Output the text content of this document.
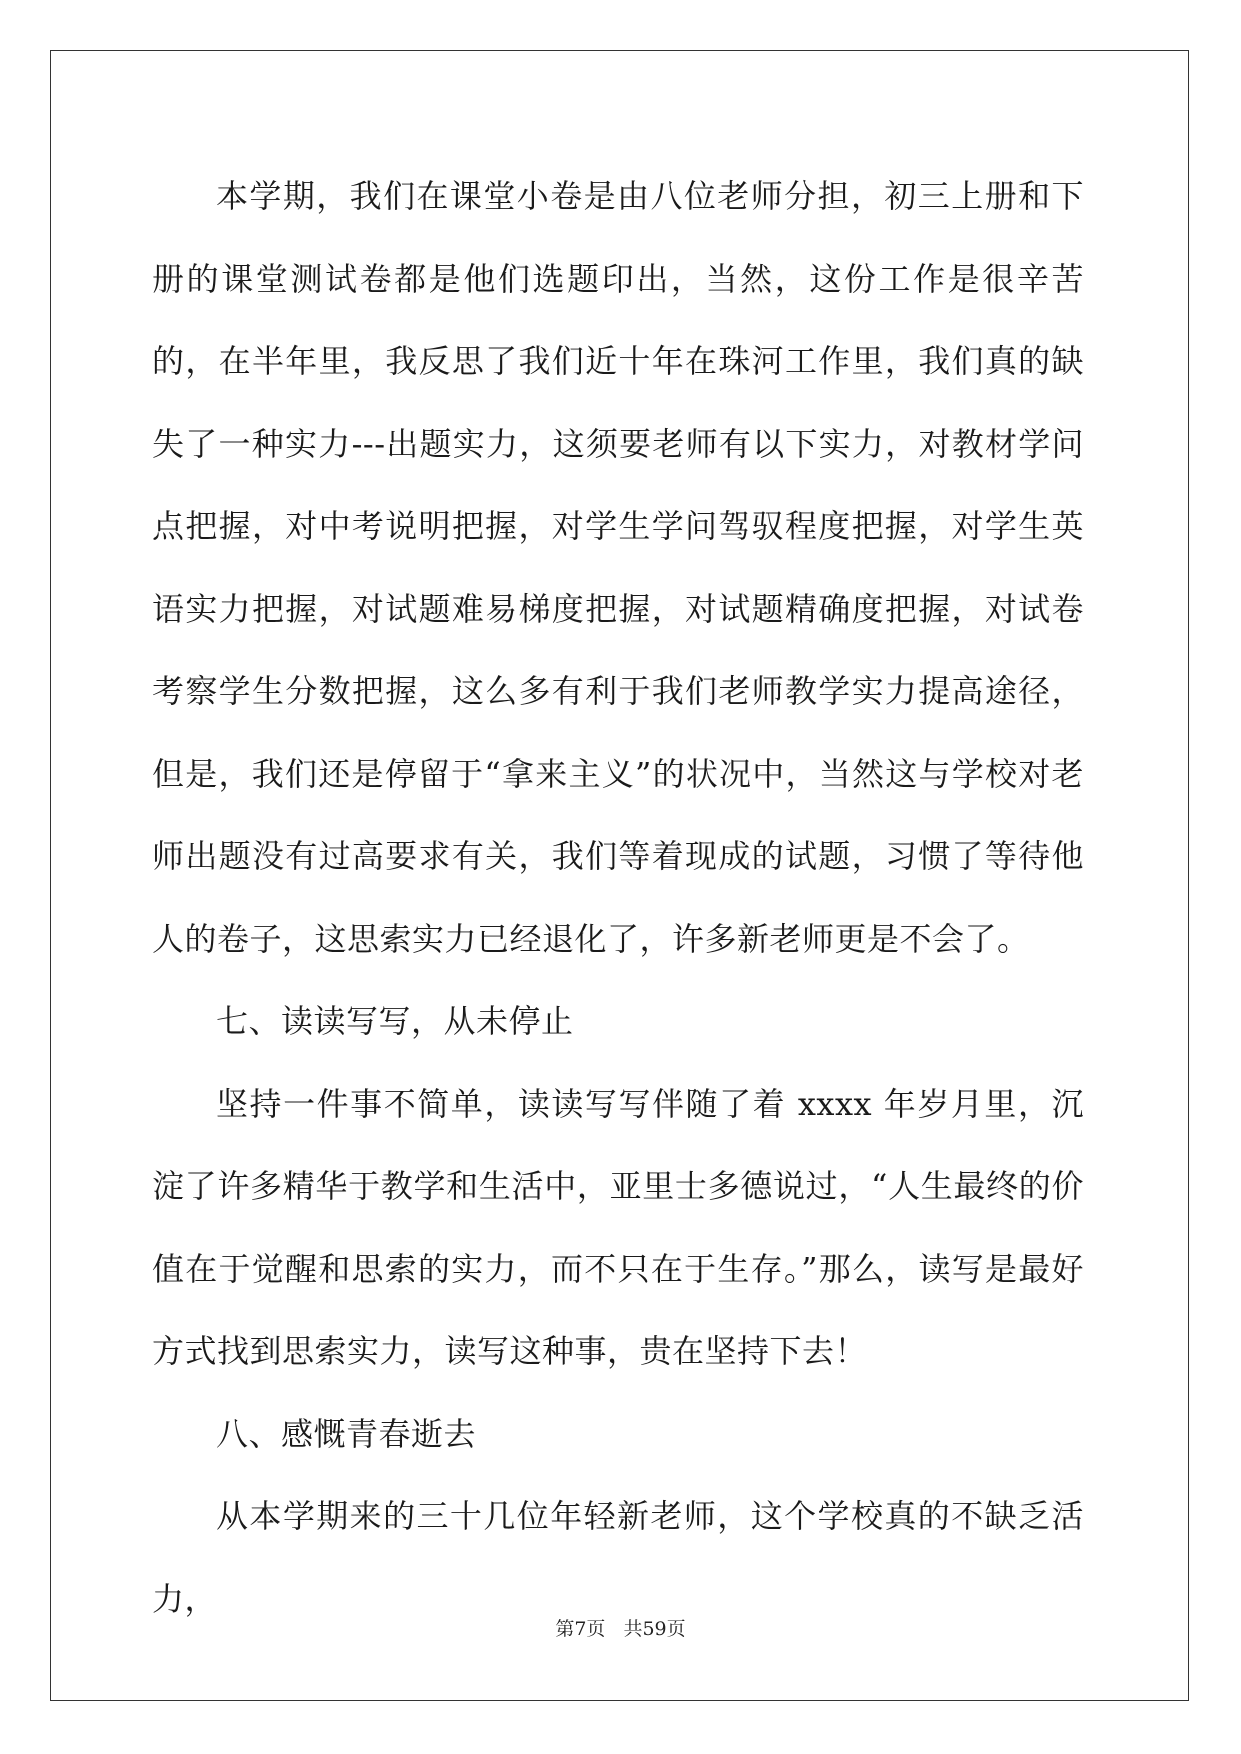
本学期，我们在课堂小卷是由八位老师分担，初三上册和下册的课堂测试卷都是他们选题印出，当然，这份工作是很辛苦的，在半年里，我反思了我们近十年在珠河工作里，我们真的缺失了一种实力---出题实力，这须要老师有以下实力，对教材学问点把握，对中考说明把握，对学生学问驾驭程度把握，对学生英语实力把握，对试题难易梯度把握，对试题精确度把握，对试卷考察学生分数把握，这么多有利于我们老师教学实力提高途径，但是，我们还是停留于“拿来主义”的状况中，当然这与学校对老师出题没有过高要求有关，我们等着现成的试题，习惯了等待他人的卷子，这思索实力已经退化了，许多新老师更是不会了。

七、读读写写，从未停止

坚持一件事不简单，读读写写伴随了着 xxxx 年岁月里，沉淀了许多精华于教学和生活中，亚里士多德说过，“人生最终的价值在于觉醒和思索的实力，而不只在于生存。”那么，读写是最好方式找到思索实力，读写这种事，贵在坚持下去！

八、感慨青春逝去

从本学期来的三十几位年轻新老师，这个学校真的不缺乏活力，

第7页 共59页
